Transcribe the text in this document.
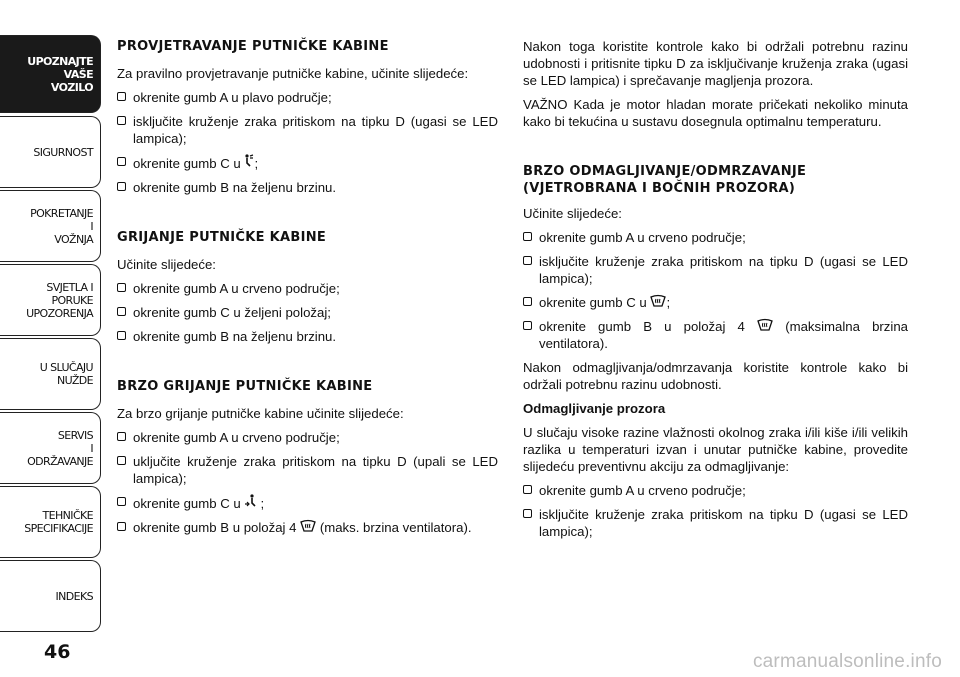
UPOZNAJTE
VAŠE
VOZILO
SIGURNOST
POKRETANJE
I
VOŽNJA
SVJETLA I
PORUKE
UPOZORENJA
U SLUČAJU
NUŽDE
SERVIS
I
ODRŽAVANJE
TEHNIČKE
SPECIFIKACIJE
INDEKS
46	carmanualsonline.info
PROVJETRAVANJE PUTNIČKE KABINE

Za pravilno provjetravanje putničke kabine, učinite slijedeće:

okrenite gumb A u plavo područje;
isključite kruženje zraka pritiskom na tipku D (ugasi se LED lampica);
okrenite gumb C u ;
okrenite gumb B na željenu brzinu.
GRIJANJE PUTNIČKE KABINE

Učinite slijedeće:

okrenite gumb A u crveno područje;
okrenite gumb C u željeni položaj;
okrenite gumb B na željenu brzinu.
BRZO GRIJANJE PUTNIČKE KABINE

Za brzo grijanje putničke kabine učinite slijedeće:

okrenite gumb A u crveno područje;
uključite kruženje zraka pritiskom na tipku D (upali se LED lampica);
okrenite gumb C u ;
okrenite gumb B u položaj 4 (maks. brzina ventilatora).

Nakon toga koristite kontrole kako bi održali potrebnu razinu udobnosti i pritisnite tipku D za isključivanje kruženja zraka (ugasi se LED lampica) i sprečavanje magljenja prozora.

VAŽNO Kada je motor hladan morate pričekati nekoliko minuta kako bi tekućina u sustavu dosegnula optimalnu temperaturu.

BRZO ODMAGLJIVANJE/ODMRZAVANJE
(VJETROBRANA I BOČNIH PROZORA)

Učinite slijedeće:

okrenite gumb A u crveno područje;
isključite kruženje zraka pritiskom na tipku D (ugasi se LED lampica);
okrenite gumb C u ;
okrenite gumb B u položaj 4	(maksimalna brzina ventilatora).

Nakon odmagljivanja/odmrzavanja koristite kontrole kako bi održali potrebnu razinu udobnosti.

Odmagljivanje prozora

U slučaju visoke razine vlažnosti okolnog zraka i/ili kiše i/ili velikih razlika u temperaturi izvan i unutar putničke kabine, provedite slijedeću preventivnu akciju za odmagljivanje:

okrenite gumb A u crveno područje;
isključite kruženje zraka pritiskom na tipku D (ugasi se LED lampica);
